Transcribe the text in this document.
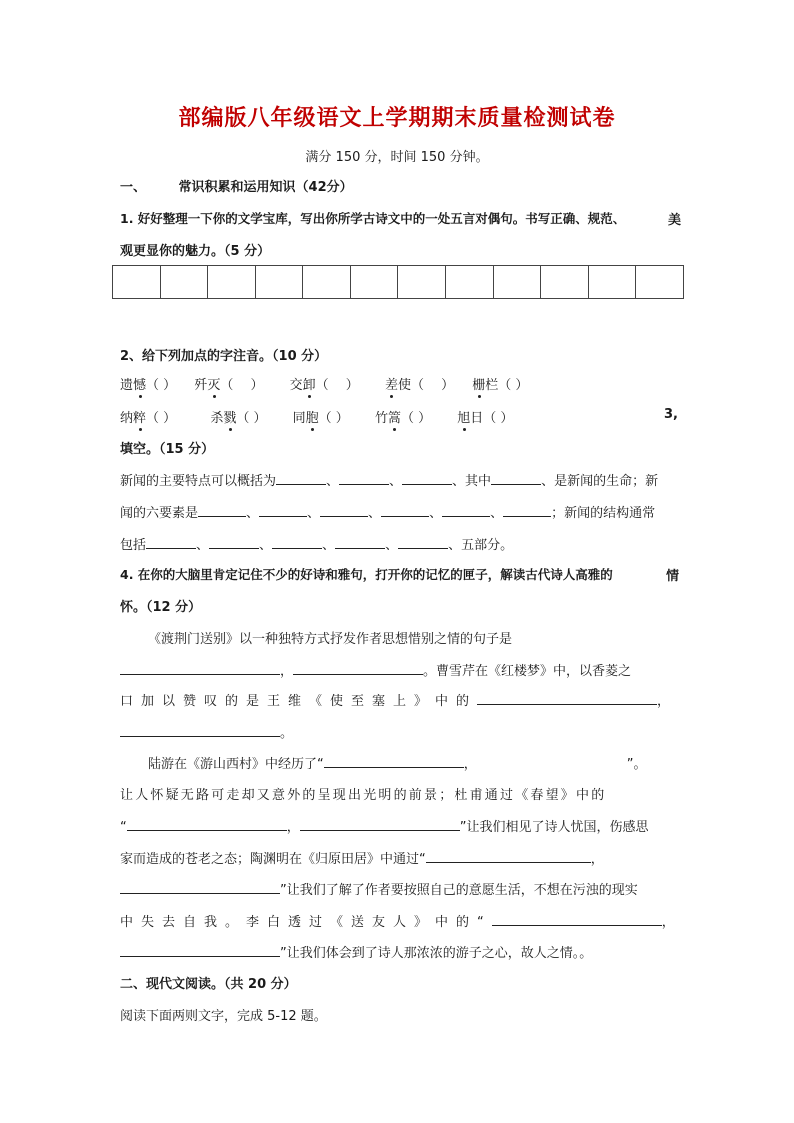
部编版八年级语文上学期期末质量检测试卷
满分 150 分，时间 150 分钟。
一、	常识积累和运用知识（42分）
1. 好好整理一下你的文学宝库，写出你所学古诗文中的一处五言对偶句。书写正确、规范、	美
观更显你的魅力。（5 分）
2、给下列加点的字注音。（10 分）
遗憾（ ） 歼灭（　 ） 交卸（ 　） 差使（ 　） 栅栏（ ）
纳粹（ ）	杀戮（ ） 同胞（ ） 竹篙（ ） 旭日（ ）	3,
填空。（15 分）
新闻的主要特点可以概括为	、	、	、其中	、是新闻的生命；新
闻的六要素是	、	、	、	、	、	；新闻的结构通常
包括	、	、	、	、	、五部分。
4. 在你的大脑里肯定记住不少的好诗和雅句，打开你的记忆的匣子，解读古代诗人高雅的	情
怀。（12 分）
《渡荆门送别》以一种独特方式抒发作者思想惜别之情的句子是
，	。曹雪芹在《红楼梦》中，以香菱之
口加以赞叹的是王维《使至塞上》中的	，
。
陆游在《游山西村》中经历了“	，	”。
让人怀疑无路可走却又意外的呈现出光明的前景；杜甫通过《春望》中的
“	，	”让我们相见了诗人忧国，伤感思
家而造成的苍老之态；陶渊明在《归原田居》中通过“	，
”让我们了解了作者要按照自己的意愿生活，不想在污浊的现实
中失去自我。李白透过《送友人》中的“	，
”让我们体会到了诗人那浓浓的游子之心，故人之情。。
二、现代文阅读。（共 20 分）
阅读下面两则文字，完成 5-12 题。
